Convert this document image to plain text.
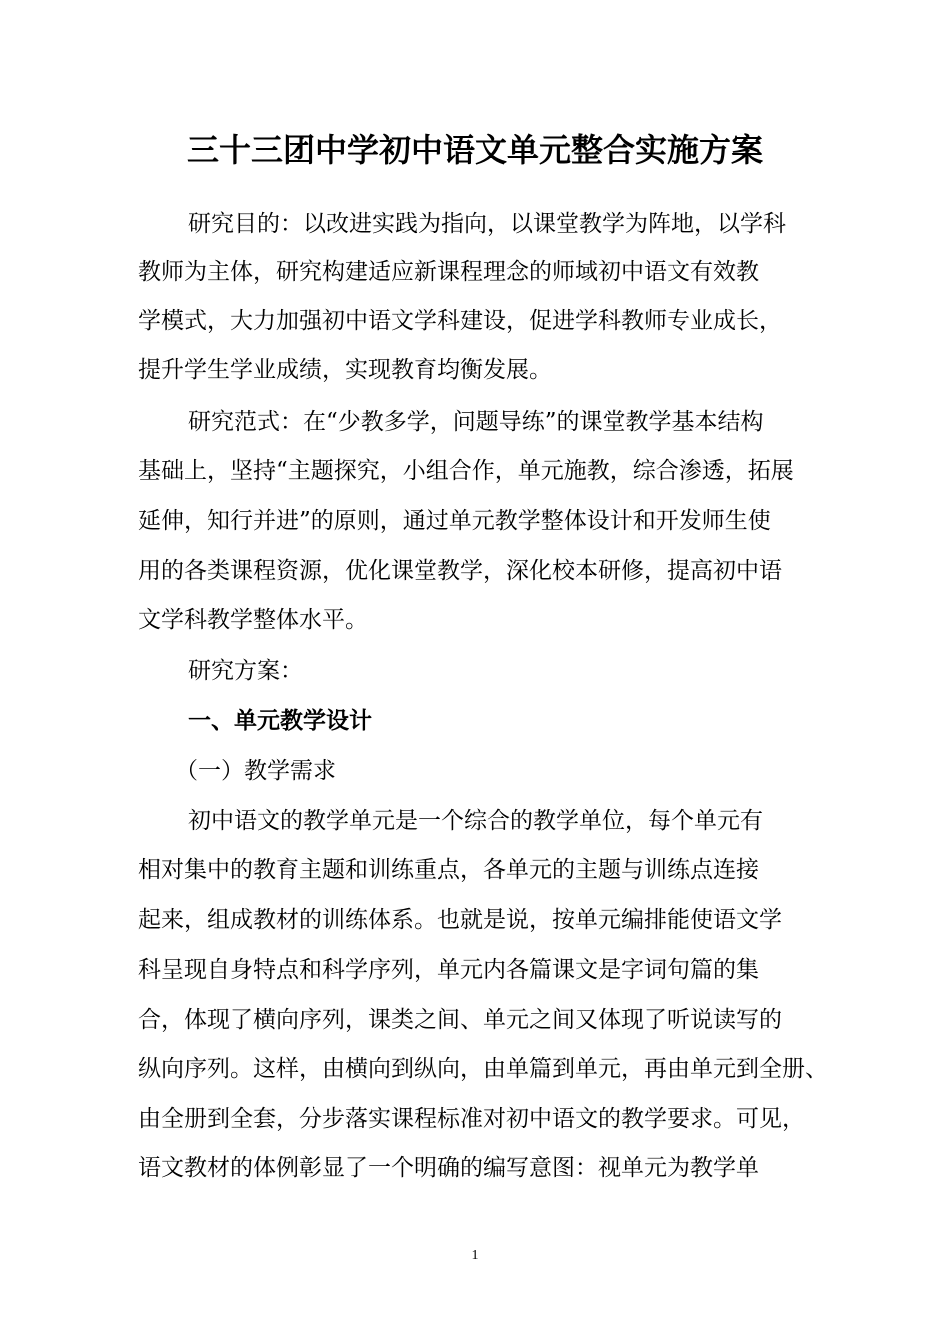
三十三团中学初中语文单元整合实施方案
研究目的：以改进实践为指向，以课堂教学为阵地，以学科
教师为主体，研究构建适应新课程理念的师域初中语文有效教
学模式，大力加强初中语文学科建设，促进学科教师专业成长，
提升学生学业成绩，实现教育均衡发展。
研究范式：在“少教多学，问题导练”的课堂教学基本结构
基础上，坚持“主题探究，小组合作，单元施教，综合渗透，拓展
延伸，知行并进”的原则，通过单元教学整体设计和开发师生使
用的各类课程资源，优化课堂教学，深化校本研修，提高初中语
文学科教学整体水平。
研究方案：
一、单元教学设计
（一）教学需求
初中语文的教学单元是一个综合的教学单位，每个单元有
相对集中的教育主题和训练重点，各单元的主题与训练点连接
起来，组成教材的训练体系。也就是说，按单元编排能使语文学
科呈现自身特点和科学序列，单元内各篇课文是字词句篇的集
合，体现了横向序列，课类之间、单元之间又体现了听说读写的
纵向序列。这样，由横向到纵向，由单篇到单元，再由单元到全册、
由全册到全套，分步落实课程标准对初中语文的教学要求。可见，
语文教材的体例彰显了一个明确的编写意图：视单元为教学单
1
